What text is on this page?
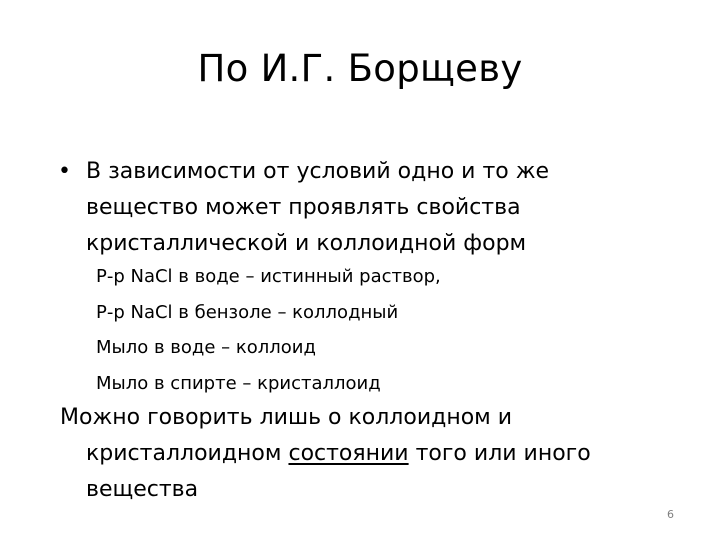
По И.Г. Борщеву
• В зависимости от условий одно и то же
вещество может проявлять свойства
кристаллической и коллоидной форм
Р-р NaCl в воде – истинный раствор,
Р-р NaCl в бензоле – коллодный
Мыло в воде – коллоид
Мыло в спирте – кристаллоид
Можно говорить лишь о коллоидном и
кристаллоидном состоянии того или иного
вещества
6
